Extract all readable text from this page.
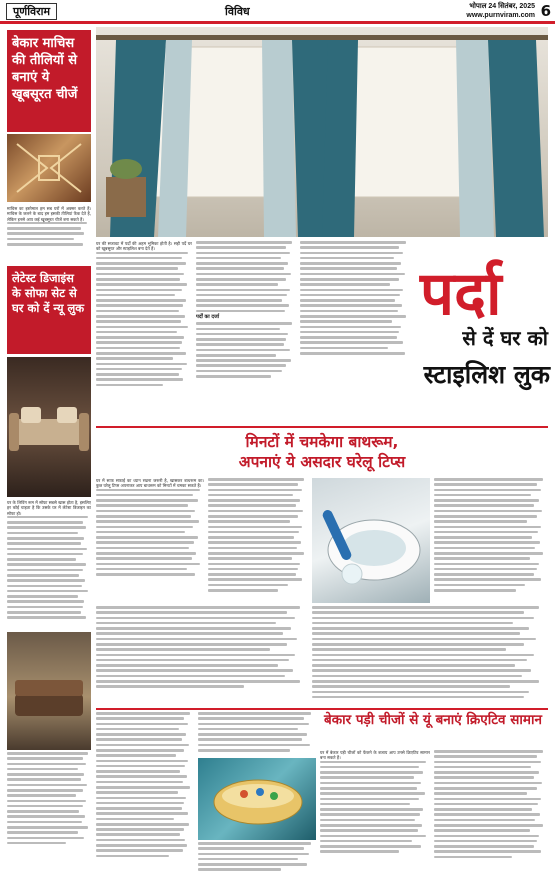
पूर्णविराम	विविध	भोपाल 24 सितंबर, 2025
www.purnviram.com 6
बेकार माचिस की तीलियों से बनाएं ये खूबसूरत चीजें

माचिस का इस्तेमाल हम सब घरों में अक्सर करते हैं। माचिस के जलने के बाद हम इसकी तीलियां फेंक देते हैं, लेकिन इनसे आप कई खूबसूरत चीजें बना सकते हैं।

लेटेस्ट डिजाइंस के सोफा सेट से घर को दें न्यू लुक

घर के लिविंग रूम में सोफा सबसे खास होता है, इसलिए हर कोई चाहता है कि उसके घर में लेटेस्ट डिजाइन का सोफा हो।

घर की सजावट में पर्दों की अहम भूमिका होती है। सही पर्दे घर को खूबसूरत और स्टाइलिश बना देते हैं।

पर्दों का दर्जा	पर्दा
से दें घर को
स्टाइलिश लुक
मिनटों में चमकेगा बाथरूम,
अपनाएं ये असदार घरेलू टिप्स

घर में साफ सफाई का ध्यान रखना जरूरी है, खासकर बाथरूम का। कुछ घरेलू टिप्स अपनाकर आप बाथरूम को मिनटों में चमका सकते हैं।

बेकार पड़ी चीजों से यूं बनाएं क्रिएटिव सामान

घर में बेकार पड़ी चीजों को फेंकने के बजाय आप उनसे क्रिएटिव सामान बना सकते हैं।
